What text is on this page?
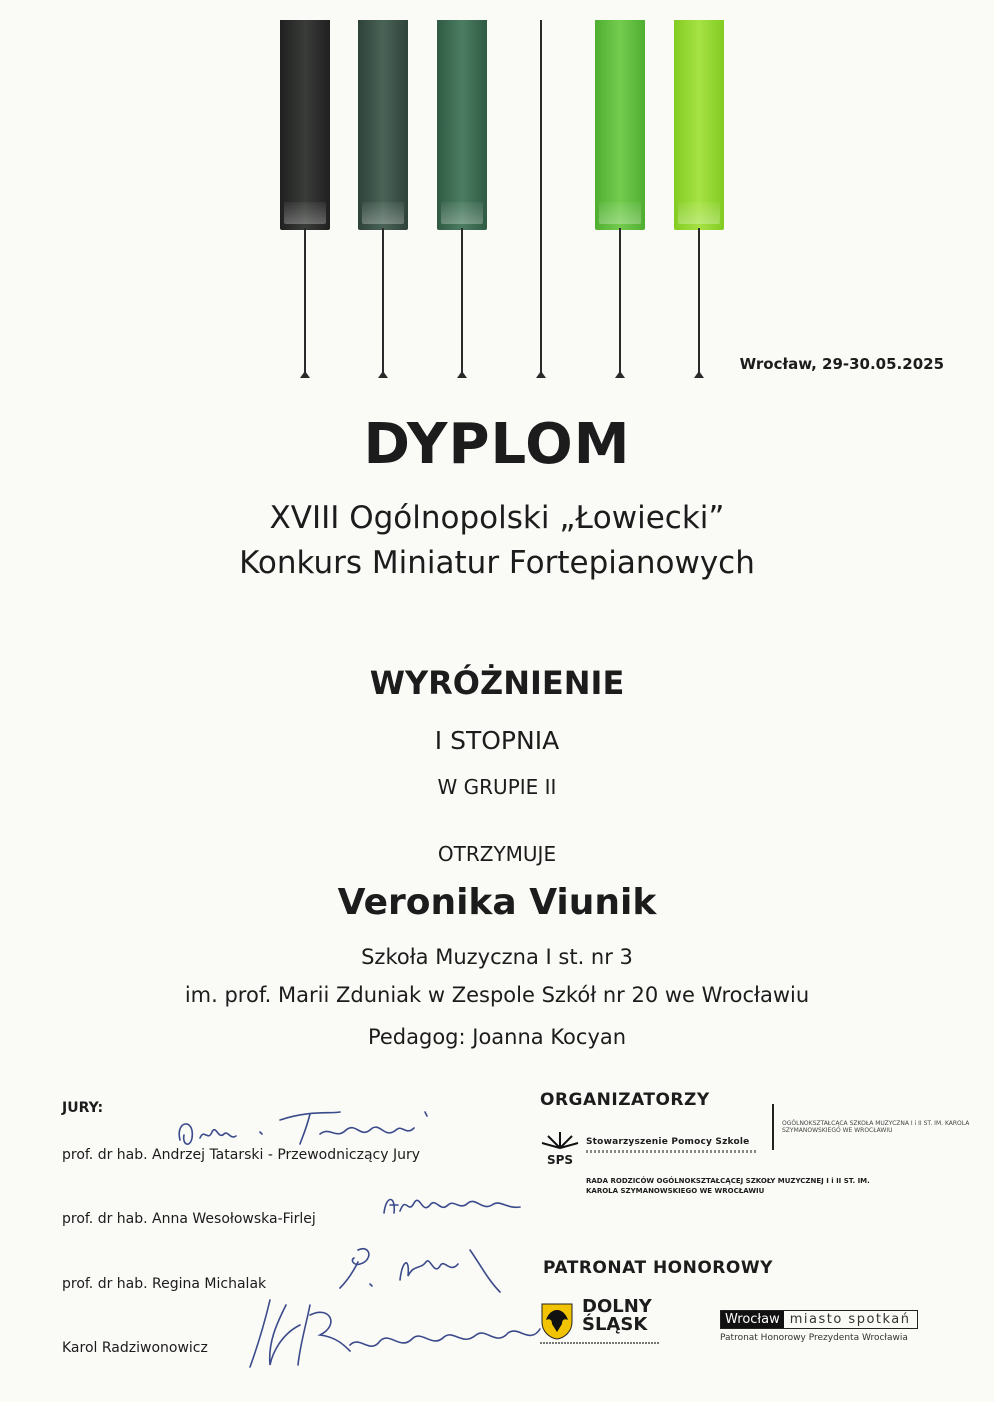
Wrocław, 29-30.05.2025
DYPLOM
XVIII Ogólnopolski „Łowiecki”
Konkurs Miniatur Fortepianowych
WYRÓŻNIENIE
I STOPNIA
W GRUPIE II
OTRZYMUJE
Veronika Viunik
Szkoła Muzyczna I st. nr 3
im. prof. Marii Zduniak w Zespole Szkół nr 20 we Wrocławiu
Pedagog: Joanna Kocyan
JURY:
prof. dr hab. Andrzej Tatarski - Przewodniczący Jury
prof. dr hab. Anna Wesołowska-Firlej
prof. dr hab. Regina Michalak
Karol Radziwonowicz
ORGANIZATORZY
SPS
Stowarzyszenie Pomocy Szkole
OGÓLNOKSZTAŁCĄCA SZKOŁA MUZYCZNA I i II ST. IM. KAROLA SZYMANOWSKIEGO WE WROCŁAWIU
RADA RODZICÓW OGÓLNOKSZTAŁCĄCEJ SZKOŁY MUZYCZNEJ I i II ST. IM. KAROLA SZYMANOWSKIEGO WE WROCŁAWIU
PATRONAT HONOROWY
DOLNY
ŚLĄSK	Wrocław miasto spotkań
Patronat Honorowy Prezydenta Wrocławia
